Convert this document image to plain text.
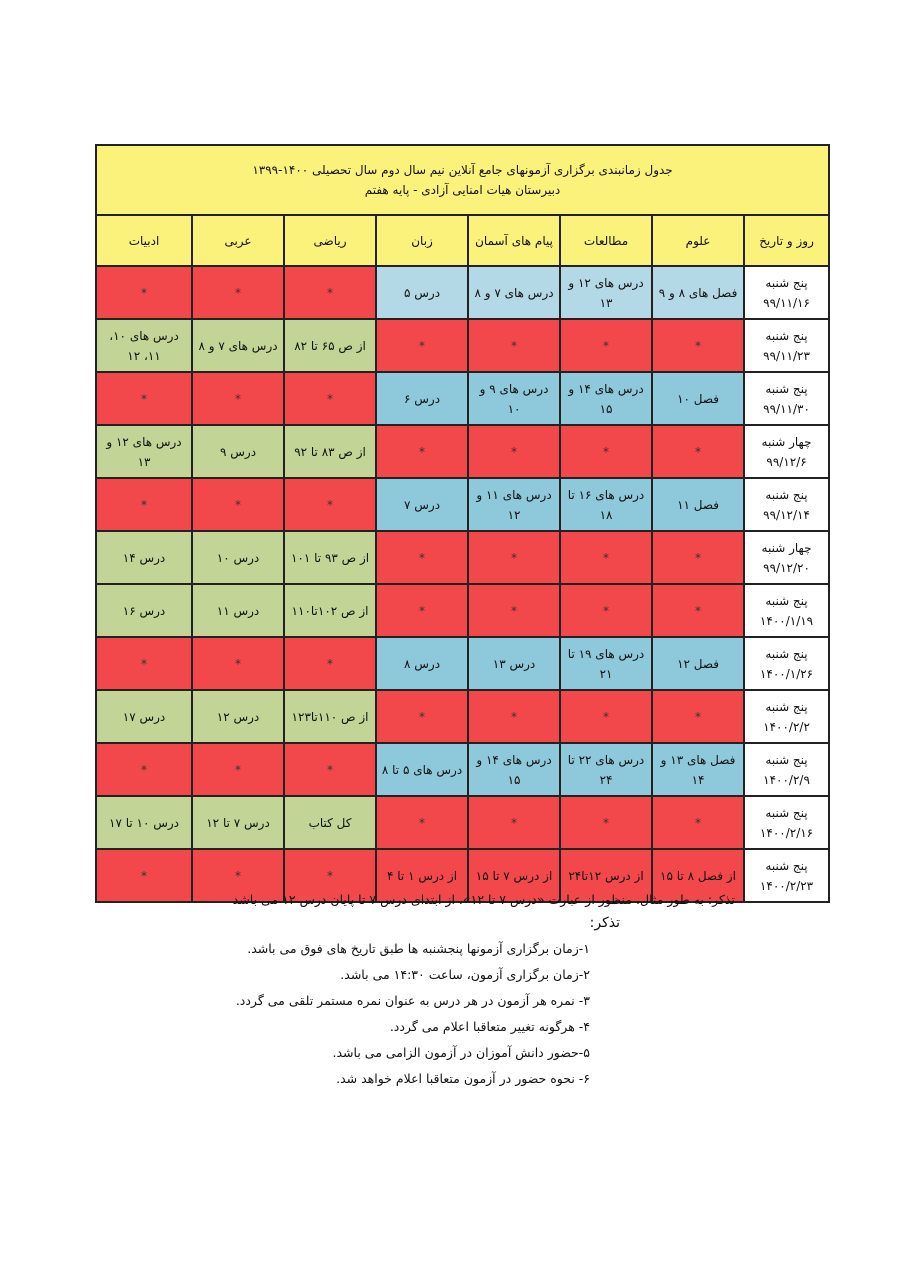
جدول زمانبندی برگزاری آزمونهای جامع آنلاین نیم سال دوم سال تحصیلی ۱۴۰۰-۱۳۹۹
دبیرستان هیات امنایی آزادی - پایه هفتم							

روز و تاریخ	علوم	مطالعات	پیام های آسمان	زبان	ریاضی	عربی	ادبیات

پنج شنبه
۹۹/۱۱/۱۶	فصل های ۸ و ۹	درس های ۱۲ و ۱۳	درس های ۷ و ۸	درس ۵	*	*	*

پنج شنبه
۹۹/۱۱/۲۳	*	*	*	*	از ص ۶۵ تا ۸۲	درس های ۷ و ۸	درس های ۱۰، ۱۱، ۱۲

پنج شنبه
۹۹/۱۱/۳۰	فصل ۱۰	درس های ۱۴ و ۱۵	درس های ۹ و ۱۰	درس ۶	*	*	*

چهار شنبه
۹۹/۱۲/۶	*	*	*	*	از ص ۸۳ تا ۹۲	درس ۹	درس های ۱۲ و ۱۳

پنج شنبه
۹۹/۱۲/۱۴	فصل ۱۱	درس های ۱۶ تا ۱۸	درس های ۱۱ و ۱۲	درس ۷	*	*	*

چهار شنبه
۹۹/۱۲/۲۰	*	*	*	*	از ص ۹۳ تا ۱۰۱	درس ۱۰	درس ۱۴

پنج شنبه
۱۴۰۰/۱/۱۹	*	*	*	*	از ص ۱۰۲تا۱۱۰	درس ۱۱	درس ۱۶

پنج شنبه
۱۴۰۰/۱/۲۶	فصل ۱۲	درس های ۱۹ تا ۲۱	درس ۱۳	درس ۸	*	*	*

پنج شنبه
۱۴۰۰/۲/۲	*	*	*	*	از ص ۱۱۰تا۱۲۳	درس ۱۲	درس ۱۷

پنج شنبه
۱۴۰۰/۲/۹	فصل های ۱۳ و ۱۴	درس های ۲۲ تا ۲۴	درس های ۱۴ و ۱۵	درس های ۵ تا ۸	*	*	*

پنج شنبه
۱۴۰۰/۲/۱۶	*	*	*	*	کل کتاب	درس ۷ تا ۱۲	درس ۱۰ تا ۱۷

پنج شنبه
۱۴۰۰/۲/۲۳	از فصل ۸ تا ۱۵	از درس ۱۲تا۲۴	از درس ۷ تا ۱۵	از درس ۱ تا ۴	*	*	*
تذکر: به طور مثال، منظور از عبارت «درس ۷ تا ۱۲»، از ابتدای درس ۷ تا پایان درس ۱۲ می باشد
تذکر:
۱-زمان برگزاری آزمونها پنجشنبه ها طبق تاریخ های فوق می باشد.
۲-زمان برگزاری آزمون، ساعت ۱۴:۳۰ می باشد.
۳- نمره هر آزمون در هر درس به عنوان نمره مستمر تلقی می گردد.
۴- هرگونه تغییر متعاقبا اعلام می گردد.
۵-حضور دانش آموزان در آزمون الزامی می باشد.
۶- نحوه حضور در آزمون متعاقبا اعلام خواهد شد.
